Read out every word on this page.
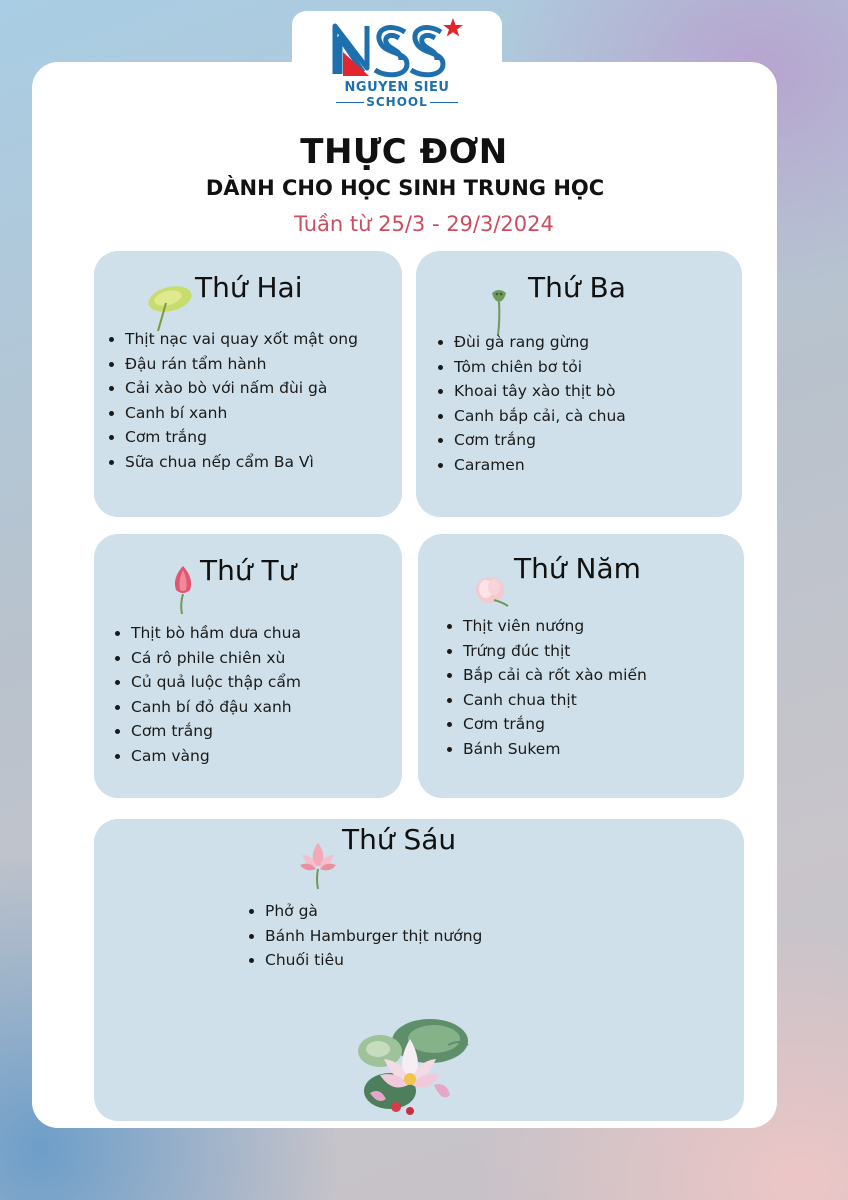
NGUYEN SIEU
SCHOOL
THỰC ĐƠN
DÀNH CHO HỌC SINH TRUNG HỌC
Tuần từ 25/3 - 29/3/2024
Thứ Hai
• Thịt nạc vai quay xốt mật ong
• Đậu rán tẩm hành
• Cải xào bò với nấm đùi gà
• Canh bí xanh
• Cơm trắng
• Sữa chua nếp cẩm Ba Vì
Thứ Ba
• Đùi gà rang gừng
• Tôm chiên bơ tỏi
• Khoai tây xào thịt bò
• Canh bắp cải, cà chua
• Cơm trắng
• Caramen
Thứ Tư
• Thịt bò hầm dưa chua
• Cá rô phile chiên xù
• Củ quả luộc thập cẩm
• Canh bí đỏ đậu xanh
• Cơm trắng
• Cam vàng
Thứ Năm
• Thịt viên nướng
• Trứng đúc thịt
• Bắp cải cà rốt xào miến
• Canh chua thịt
• Cơm trắng
• Bánh Sukem
Thứ Sáu
• Phở gà
• Bánh Hamburger thịt nướng
• Chuối tiêu
